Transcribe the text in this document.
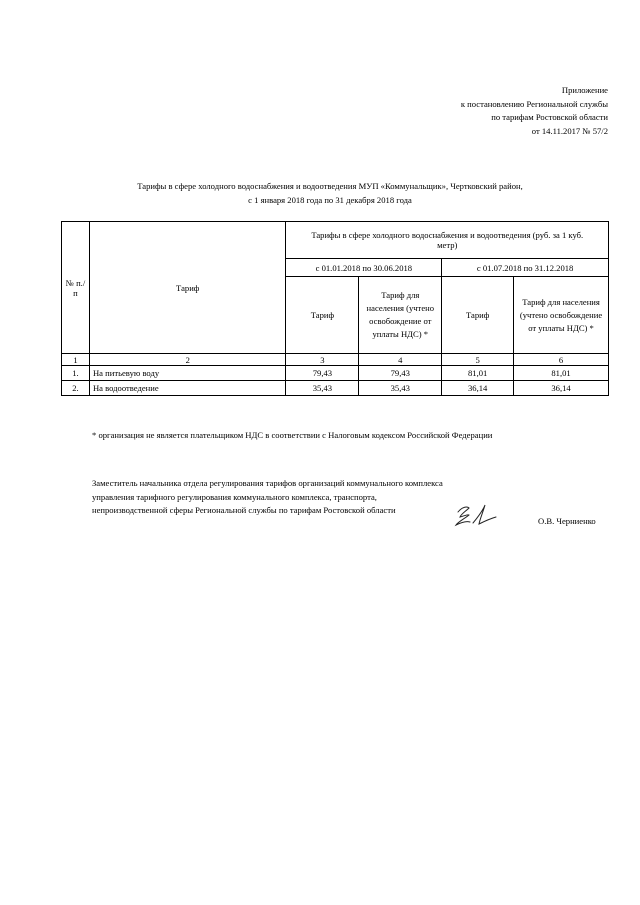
Приложение
к постановлению Региональной службы
по тарифам Ростовской области
от 14.11.2017 № 57/2
Тарифы в сфере холодного водоснабжения и водоотведения МУП «Коммунальщик», Чертковский район,
с 1 января 2018 года по 31 декабря 2018 года
№ п./п	Тариф	Тарифы в сфере холодного водоснабжения и водоотведения (руб. за 1 куб. метр)			
		с 01.01.2018 по 30.06.2018		с 01.07.2018 по 31.12.2018	
		Тариф	Тариф для населения (учтено освобождение от уплаты НДС) *	Тариф	Тариф для населения (учтено освобождение от уплаты НДС) *
1	2	3	4	5	6
1.	На питьевую воду	79,43	79,43	81,01	81,01
2.	На водоотведение	35,43	35,43	36,14	36,14
* организация не является плательщиком НДС в соответствии с Налоговым кодексом Российской Федерации
Заместитель начальника отдела регулирования тарифов организаций коммунального комплекса управления тарифного регулирования коммунального комплекса, транспорта, непроизводственной сферы Региональной службы по тарифам Ростовской области
О.В. Черниенко
